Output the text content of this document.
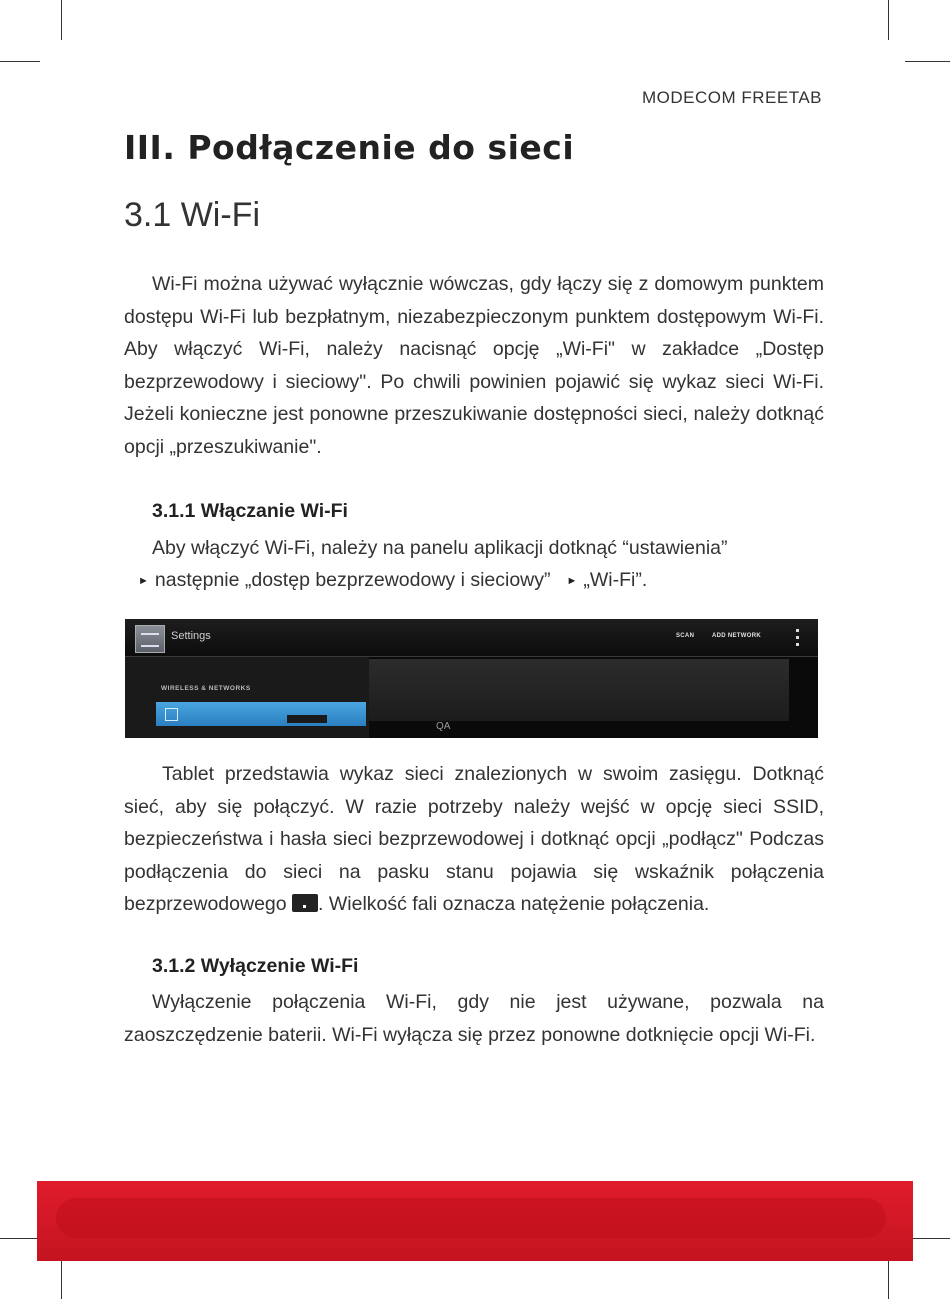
MODECOM FREETAB
III. Podłączenie do sieci
3.1 Wi-Fi

Wi-Fi można używać wyłącznie wówczas, gdy łączy się z domowym punktem dostępu Wi-Fi lub bezpłatnym, niezabezpieczonym punktem dostępowym Wi-Fi. Aby włączyć Wi-Fi, należy nacisnąć opcję „Wi-Fi" w zakładce „Dostęp bezprzewodowy i sieciowy". Po chwili powinien pojawić się wykaz sieci Wi-Fi. Jeżeli konieczne jest ponowne przeszukiwanie dostępności sieci, należy dotknąć opcji „przeszukiwanie".

3.1.1 Włączanie Wi-Fi

Aby włączyć Wi-Fi, należy na panelu aplikacji dotknąć “ustawienia”

► następnie „dostęp bezprzewodowy i sieciowy” ► „Wi-Fi”.

Settings	SCAN	ADD NETWORK
WIRELESS & NETWORKS
QA

Tablet przedstawia wykaz sieci znalezionych w swoim zasięgu. Dotknąć sieć, aby się połączyć. W razie potrzeby należy wejść w opcję sieci SSID, bezpieczeństwa i hasła sieci bezprzewodowej i dotknąć opcji „podłącz" Podczas podłączenia do sieci na pasku stanu pojawia się wskaźnik połączenia bezprzewodowego . Wielkość fali oznacza natężenie połączenia.

3.1.2 Wyłączenie Wi-Fi

Wyłączenie połączenia Wi-Fi, gdy nie jest używane, pozwala na zaoszczędzenie baterii. Wi-Fi wyłącza się przez ponowne dotknięcie opcji Wi-Fi.
